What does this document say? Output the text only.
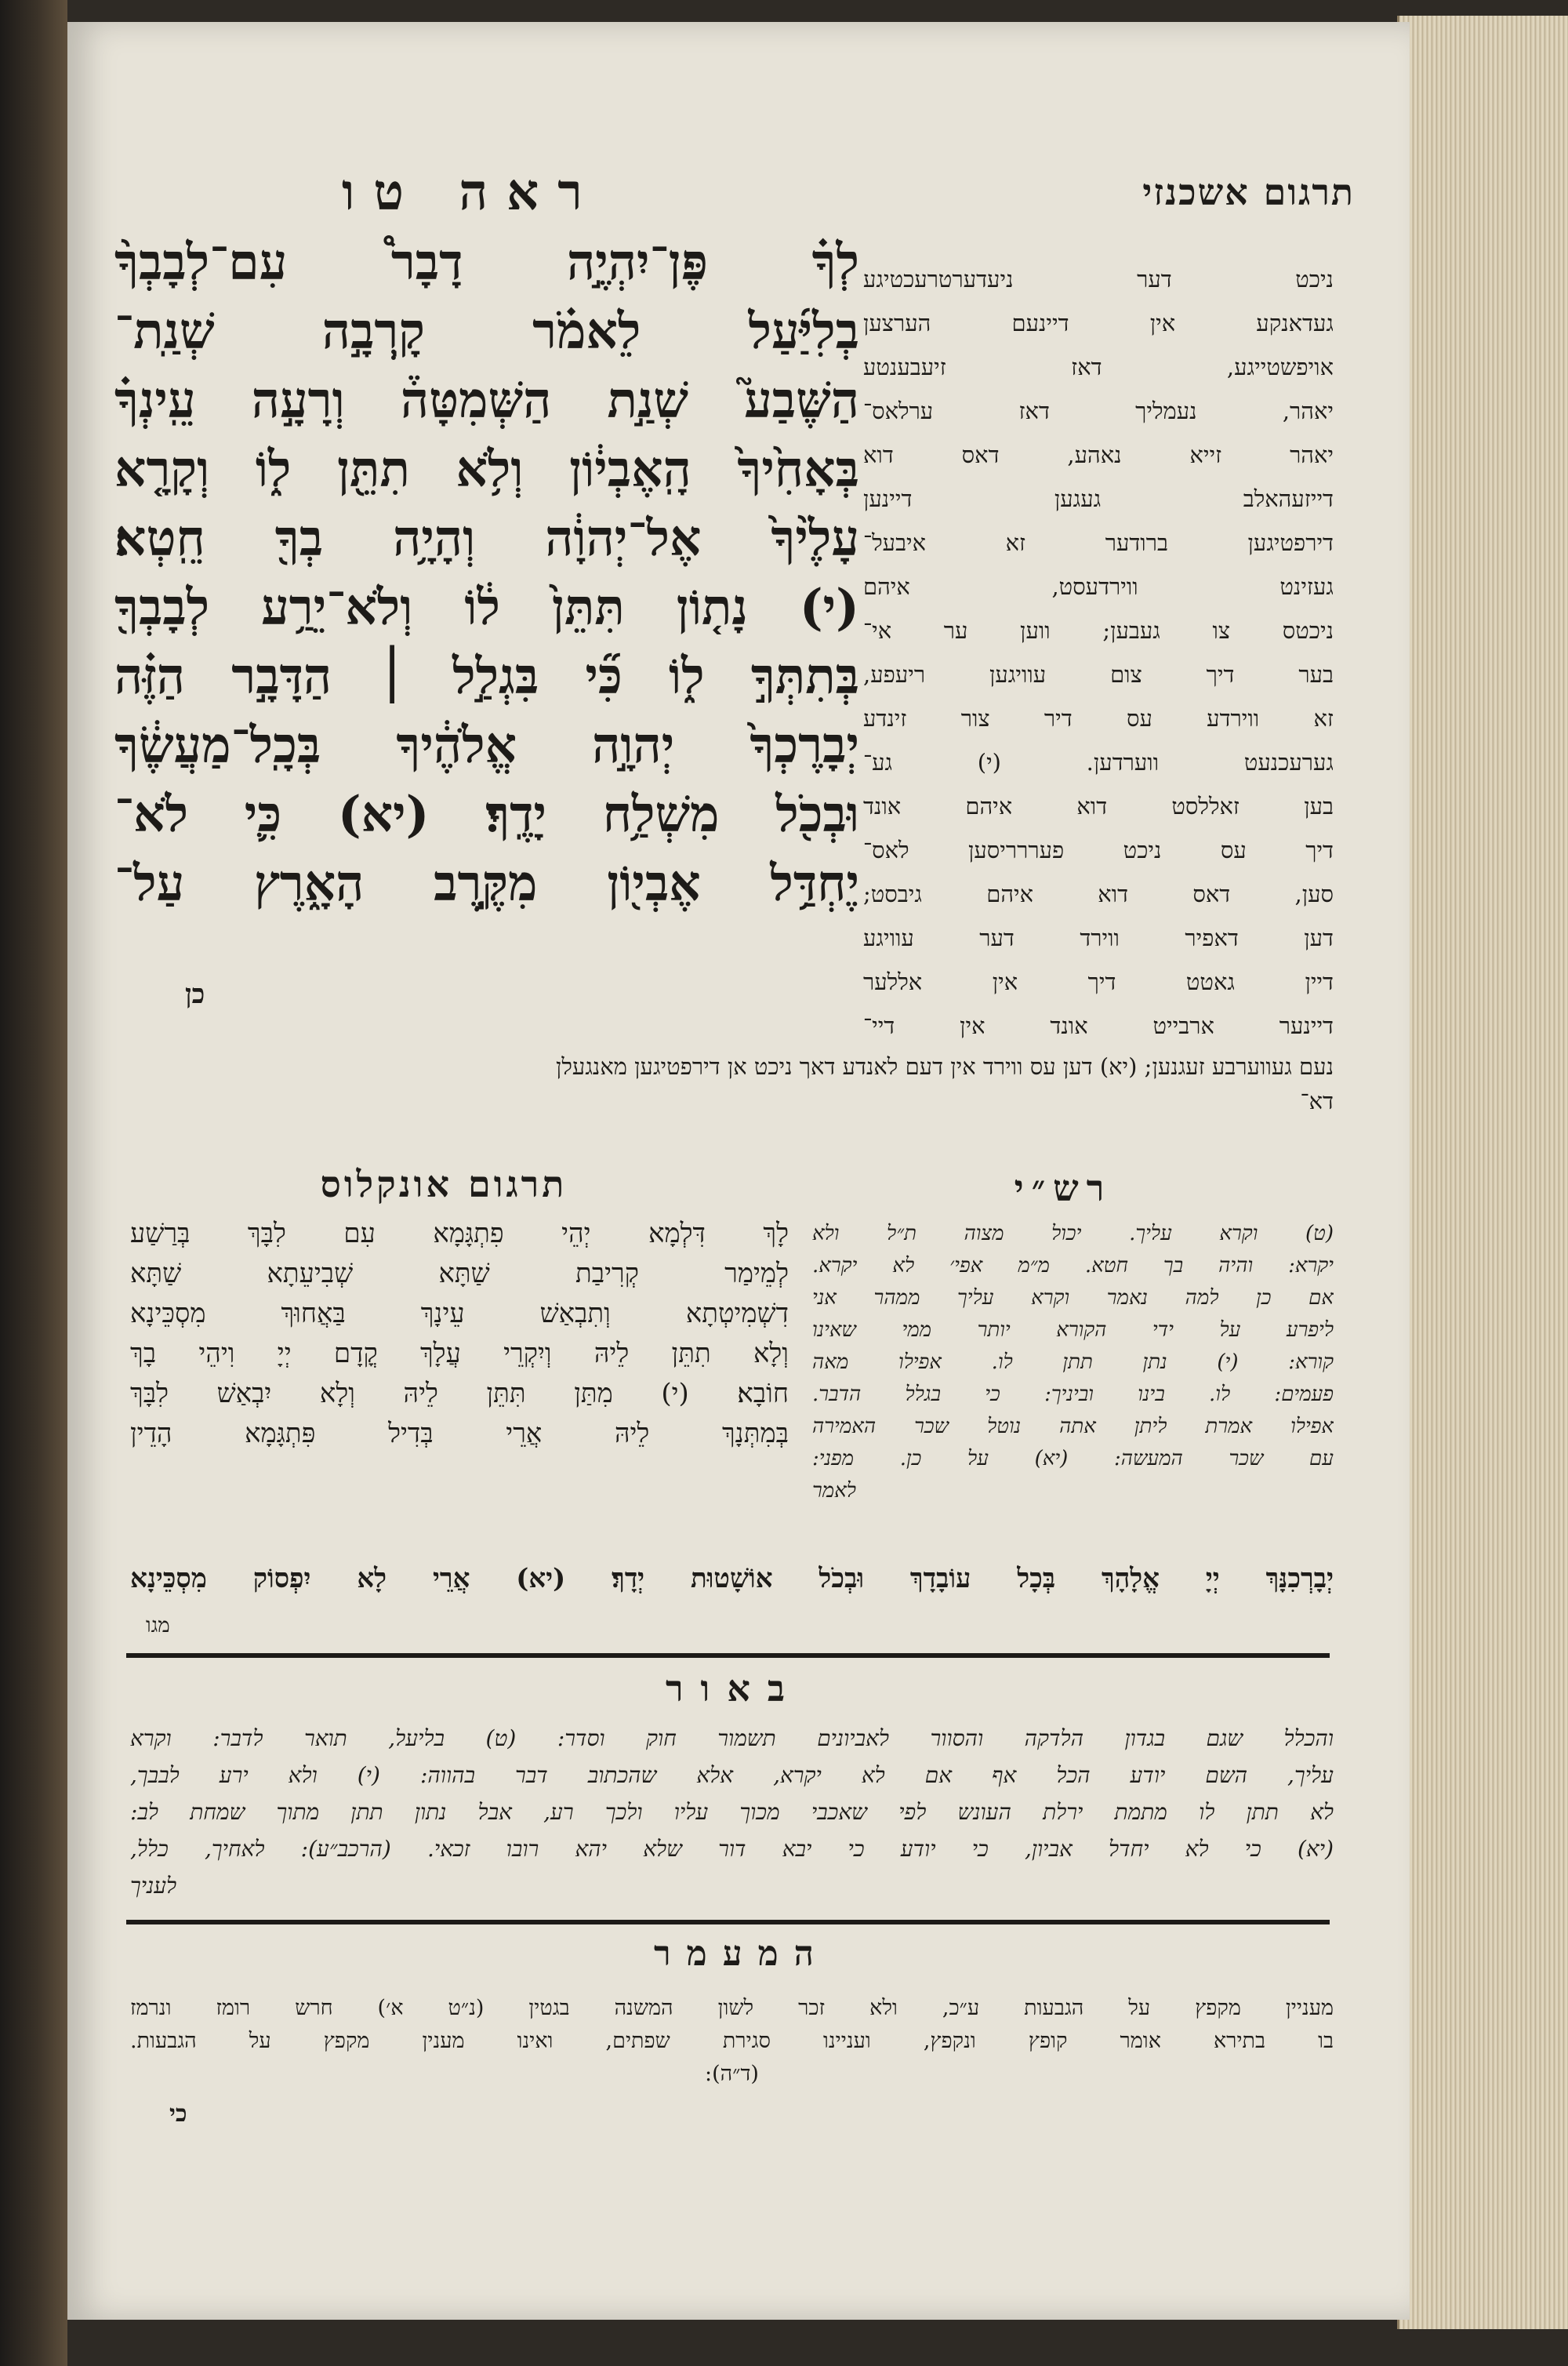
תרגום אשכנזי
ראה טו
לְךָ֗ פֶּן־יִהְיֶ֣ה דָבָר֩ עִם־לְבָבְךָ֨
בְלִיַּ֜עַל לֵאמֹ֗ר קָֽרְבָ֣ה שְׁנַֽת־
הַשֶּׁבַע֮ שְׁנַ֣ת הַשְּׁמִטָּה֒ וְרָעָ֣ה עֵֽינְךָ֗
בְּאָחִ֙יךָ֙ הָֽאֶבְי֔וֹן וְלֹ֥א תִתֵּ֖ן ל֑וֹ וְקָרָ֤א
עָלֶ֙יךָ֙ אֶל־יְהוָ֔ה וְהָיָ֥ה בְךָ֖ חֵֽטְא׃
(י) נָת֤וֹן תִּתֵּן֙ ל֔וֹ וְלֹא־יֵרַ֥ע לְבָבְךָ֖
בְּתִתְּךָ֣ ל֑וֹ כִּ֞י בִּגְלַ֣ל ׀ הַדָּבָ֣ר הַזֶּ֗ה
יְבָרֶכְךָ֙ יְהוָ֣ה אֱלֹהֶ֔יךָ בְּכָֽל־מַעֲשֶׂ֔ךָ
וּבְכֹ֖ל מִשְׁלַ֥ח יָדֶֽךָ׃ (יא) כִּ֛י לֹא־
יֶחְדַּ֥ל אֶבְי֖וֹן מִקֶּ֣רֶב הָאָ֑רֶץ עַל־
כן
ניכט דער ניעדערטרעכטיגע
געדאנקע אין דיינעם הערצען
אויפשטייגע, דאז זיעבענטע
יאהר, נעמליך דאז ערלאס־
יאהר זייא נאהע, דאס דוא
דייזעהאלב געגען דיינען
דירפטיגען ברודער זא איבעל־
געזינט ווירדעסט, איהם
ניכטס צו געבען; ווען ער אי־
בער דיך צום עוויגען ריעפע,
זא ווירדע עס דיר צור זינדע
גערעכנעט ווערדען. (י) גע־
בען זאללסט דוא איהם אונד
דיך עס ניכט פעררריסען לאס־
סען, דאס דוא איהם גיבסט;
דען דאפיר ווירד דער עוויגע
דיין גאטט דיך אין אללער
דיינער ארבייט אונד אין דיי־
נעם געווערבע זעגנען; (יא) דען עס ווירד אין דעם לאנדע דאך ניכט אן דירפטיגען מאנגעלן
דא־
תרגום אונקלוס	רש״י
לָךְ דִּלְמָא יְהֵי פִתְגָּמָא עִם לִבָּךְ בְּרַשַׁע
לְמֵימַר קְרִיבַת שַׁתָּא שְׁבִיעֵתָא שַׁתָּא
דִשְׁמִיטְתָא וְתִבְאַשׁ עֵינָךְ בַּאֲחוּךְ מִסְכֵּינָא
וְלָא תִתֵּן לֵיהּ וְיִקְרֵי עֲלָךְ קֳדָם יְיָ וִיהֵי בָךְ
חוֹבָא׃ (י) מִתַּן תִּתֵּן לֵיהּ וְלָא יִבְאַשׁ לִבָּךְ
בְּמִתְּנָךְ לֵיהּ אֲרֵי בְּדִיל פִּתְגָּמָא הָדֵין
(ט) וקרא עליך. יכול מצוה ת״ל ולא
יקרא: והיה בך חטא. מ״מ אפי׳ לא יקרא.
אם כן למה נאמר וקרא עליך ממהר אני
ליפרע על ידי הקורא יותר ממי שאינו
קורא: (י) נתן תתן לו. אפילו מאה
פעמים: לו. בינו וביניך: כי בגלל הדבר.
אפילו אמרת ליתן אתה נוטל שכר האמירה
עם שכר המעשה: (יא) על כן. מפני:
לאמר
יְבָרְכִנָּךְ יְיָ אֱלָהָךְ בְּכָל עוֹבָדָךְ וּבְכֹל אוֹשָׁטוּת יְדָךְ׃ (יא) אֲרֵי לָא יִפְסוֹק מִסְכֵּינָא
מגו
באור
והכלל שגם בגדון הלדקה והסוור לאביונים תשמור חוק וסדר: (ט) בליעל, תואר לדבר: וקרא
עליך, השם יודע הכל אף אם לא יקרא, אלא שהכתוב דבר בהווה: (י) ולא ירע לבבך,
לא תתן לו מתמת ירלת העונש לפי שאכבי מכוך עליו ולכך רע, אבל נתון תתן מתוך שמחת לב:
(יא) כי לא יחדל אביון, כי יודע כי יבא דור שלא יהא רובו זכאי. (הרכב״ע): לאחיך, כלל,
לעניך
המעמר
מעניין מקפץ על הגבעות ע״כ, ולא זכר לשון המשנה בגטין (נ״ט א׳) חרש רומז ונרמז
בו בתירא אומר קופץ ונקפץ, ועניינו סגירת שפתים, ואינו מענין מקפץ על הגבעות.
(ד״ה):
כי
